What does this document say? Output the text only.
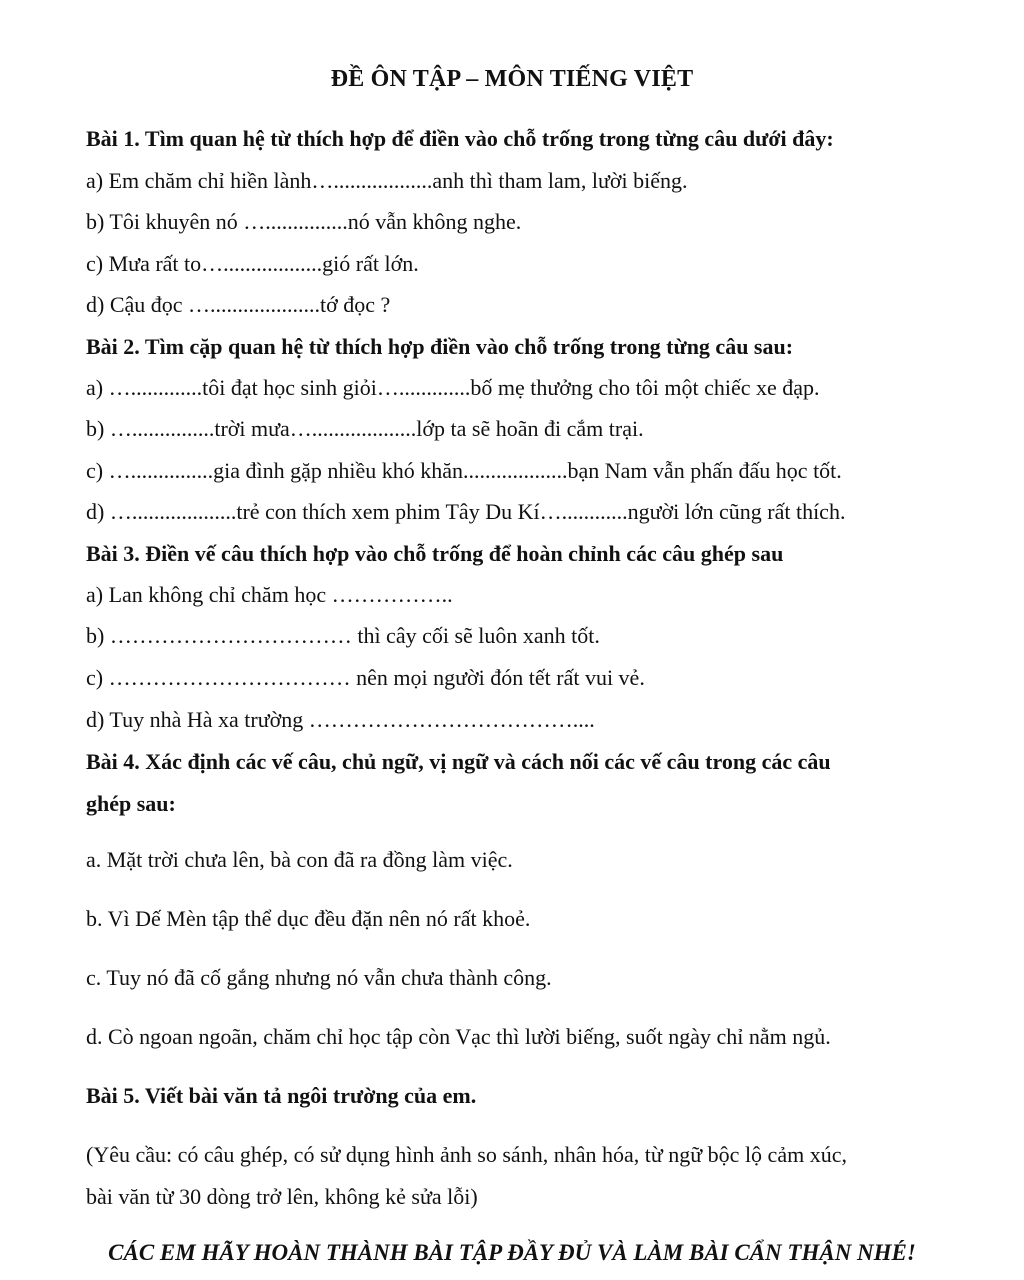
ĐỀ ÔN TẬP – MÔN TIẾNG VIỆT
Bài 1. Tìm quan hệ từ thích hợp để điền vào chỗ trống trong từng câu dưới đây:
a) Em chăm chỉ hiền lành…..................anh thì tham lam, lười biếng.
b) Tôi khuyên nó …...............nó vẫn không nghe.
c) Mưa rất to…..................gió rất lớn.
d) Cậu đọc …....................tớ đọc ?
Bài 2. Tìm cặp quan hệ từ thích hợp điền vào chỗ trống trong từng câu sau:
a) ….............tôi đạt học sinh giỏi….............bố mẹ thưởng cho tôi một chiếc xe đạp.
b) …...............trời mưa…...................lớp ta sẽ hoãn đi cắm trại.
c) …...............gia đình gặp nhiều khó khăn...................bạn Nam vẫn phấn đấu học tốt.
d) …...................trẻ con thích xem phim Tây Du Kí…............người lớn cũng rất thích.
Bài 3. Điền vế câu thích hợp vào chỗ trống để hoàn chỉnh các câu ghép sau
a) Lan không chỉ chăm học ……………..
b) …………………………… thì cây cối sẽ luôn xanh tốt.
c) …………………………… nên mọi người đón tết rất vui vẻ.
d) Tuy nhà Hà xa trường ………………………………....
Bài 4. Xác định các vế câu, chủ ngữ, vị ngữ và cách nối các vế câu trong các câu
ghép sau:
a. Mặt trời chưa lên, bà con đã ra đồng làm việc.
b. Vì Dế Mèn tập thể dục đều đặn nên nó rất khoẻ.
c. Tuy nó đã cố gắng nhưng nó vẫn chưa thành công.
d. Cò ngoan ngoãn, chăm chỉ học tập còn Vạc thì lười biếng, suốt ngày chỉ nằm ngủ.
Bài 5. Viết bài văn tả ngôi trường của em.
(Yêu cầu: có câu ghép, có sử dụng hình ảnh so sánh, nhân hóa, từ ngữ bộc lộ cảm xúc,
bài văn từ 30 dòng trở lên, không kẻ sửa lỗi)
CÁC EM HÃY HOÀN THÀNH BÀI TẬP ĐẦY ĐỦ VÀ LÀM BÀI CẨN THẬN NHÉ!
